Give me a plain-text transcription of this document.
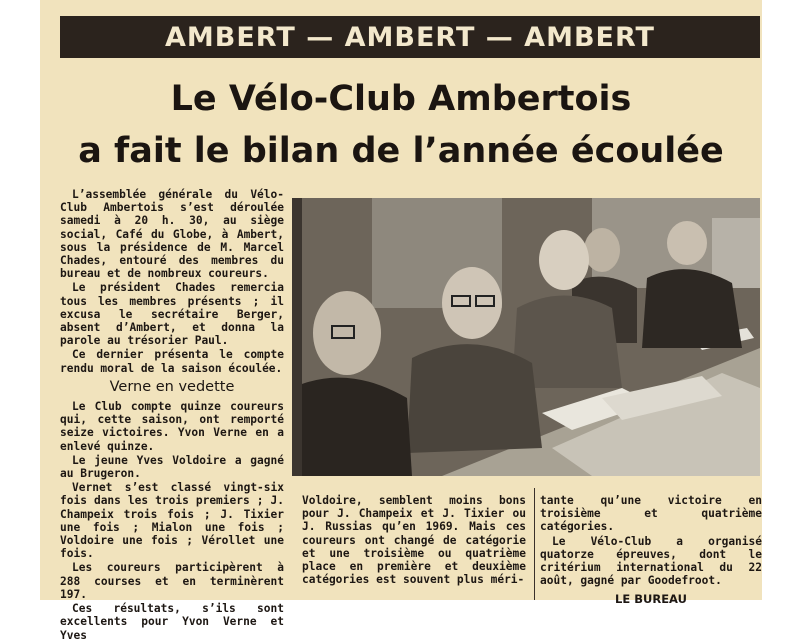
AMBERT — AMBERT — AMBERT
Le Vélo-Club Ambertois
a fait le bilan de l’année écoulée

L’assemblée générale du Vélo-Club Ambertois s’est déroulée samedi à 20 h. 30, au siège social, Café du Globe, à Ambert, sous la présidence de M. Marcel Chades, entouré des membres du bureau et de nombreux coureurs.

Le président Chades remercia tous les membres présents ; il excusa le secrétaire Berger, absent d’Ambert, et donna la parole au trésorier Paul.

Ce dernier présenta le compte rendu moral de la saison écoulée.

Verne en vedette

Le Club compte quinze coureurs qui, cette saison, ont remporté seize victoires. Yvon Verne en a enlevé quinze.

Le jeune Yves Voldoire a gagné au Brugeron.

Vernet s’est classé vingt-six fois dans les trois premiers ; J. Champeix trois fois ; J. Tixier une fois ; Mialon une fois ; Voldoire une fois ; Vérollet une fois.

Les coureurs participèrent à 288 courses et en terminèrent 197.

Ces résultats, s’ils sont excellents pour Yvon Verne et Yves

Voldoire, semblent moins bons pour J. Champeix et J. Tixier ou J. Russias qu’en 1969. Mais ces coureurs ont changé de catégorie et une troisième ou quatrième place en première et deuxième catégories est souvent plus méri-

tante qu’une victoire en troisième et quatrième catégories.

Le Vélo-Club a organisé quatorze épreuves, dont le critérium international du 22 août, gagné par Goodefroot.

LE BUREAU
